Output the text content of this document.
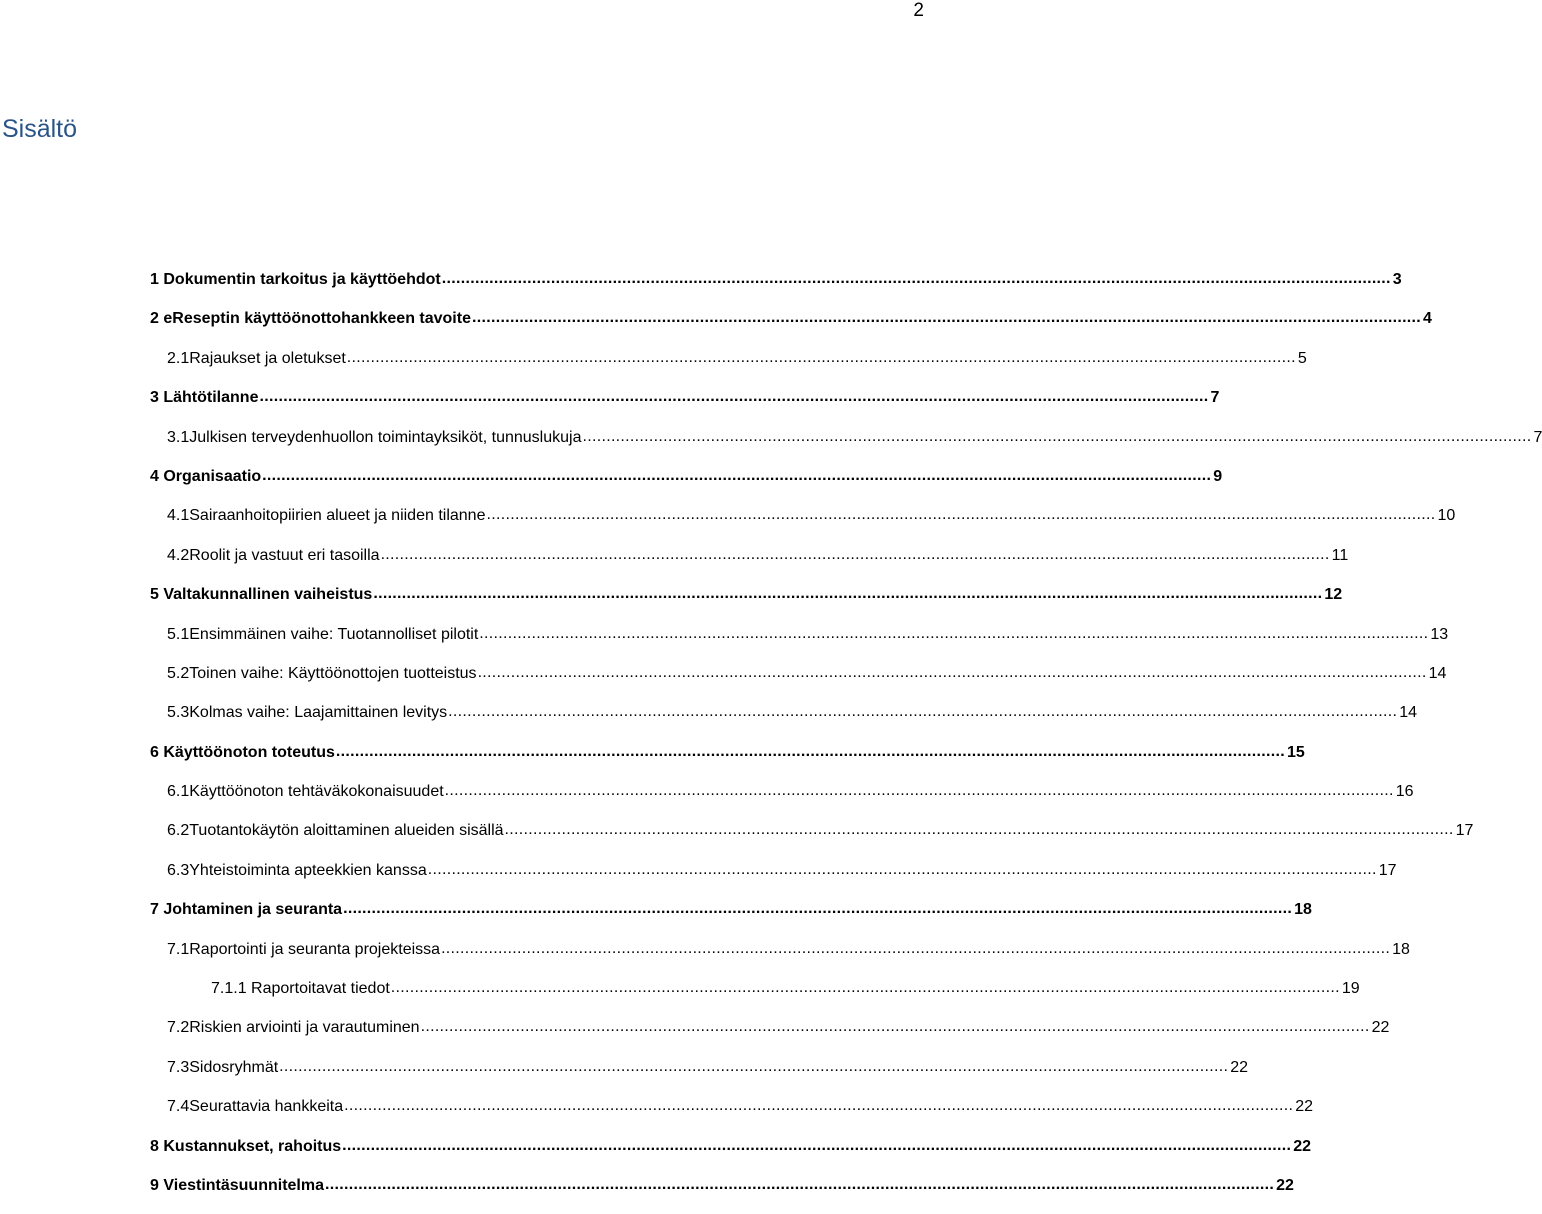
2
Sisältö
1 Dokumentin tarkoitus ja käyttöehdot .....	3
2 eReseptin käyttöönottohankkeen tavoite .....	4
2.1 Rajaukset ja oletukset .....	5
3 Lähtötilanne .....	7
3.1 Julkisen terveydenhuollon toimintayksiköt, tunnuslukuja .....	7
4 Organisaatio .....	9
4.1 Sairaanhoitopiirien alueet ja niiden tilanne .....	10
4.2 Roolit ja vastuut eri tasoilla .....	11
5 Valtakunnallinen vaiheistus .....	12
5.1 Ensimmäinen vaihe: Tuotannolliset pilotit .....	13
5.2 Toinen vaihe: Käyttöönottojen tuotteistus .....	14
5.3 Kolmas vaihe: Laajamittainen levitys .....	14
6 Käyttöönoton toteutus .....	15
6.1 Käyttöönoton tehtäväkokonaisuudet .....	16
6.2 Tuotantokäytön aloittaminen alueiden sisällä .....	17
6.3 Yhteistoiminta apteekkien kanssa .....	17
7 Johtaminen ja seuranta .....	18
7.1 Raportointi ja seuranta projekteissa .....	18
7.1.1 Raportoitavat tiedot .....	19
7.2 Riskien arviointi ja varautuminen .....	22
7.3 Sidosryhmät .....	22
7.4 Seurattavia hankkeita .....	22
8 Kustannukset, rahoitus .....	22
9 Viestintäsuunnitelma .....	22
